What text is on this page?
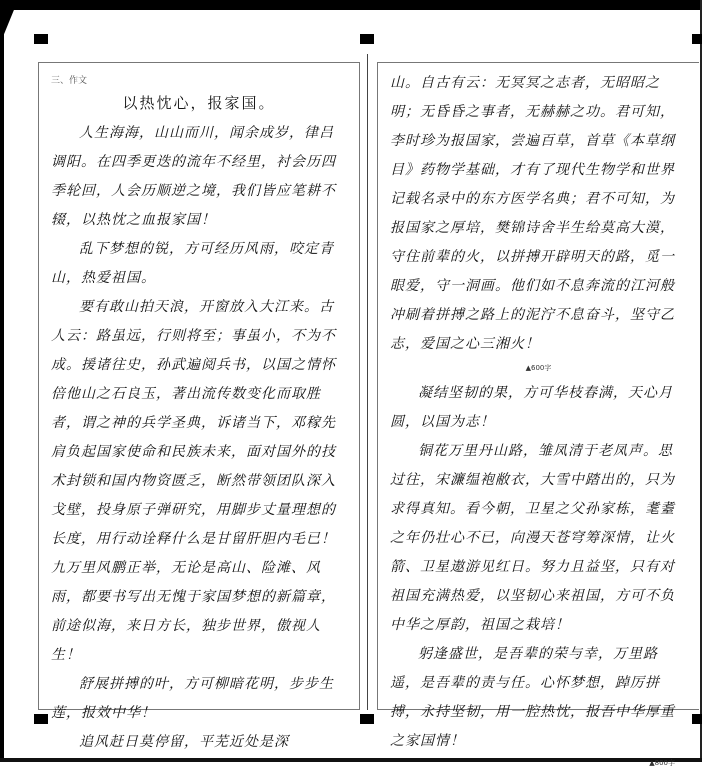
三、作文
以热忱心，报家国。

人生海海，山山而川，闻余成岁，律吕调阳。在四季更迭的流年不经里，衬会历四季轮回，人会历顺逆之境，我们皆应笔耕不辍，以热忱之血报家国！

乱下梦想的锐，方可经历风雨，咬定青山，热爱祖国。

要有敢山拍天浪，开窗放入大江来。古人云：路虽远，行则将至；事虽小，不为不成。援诸往史，孙武遍阅兵书，以国之情怀倍他山之石良玉，著出流传数变化而取胜者，谓之神的兵学圣典，诉诸当下，邓稼先肩负起国家使命和民族未来，面对国外的技术封锁和国内物资匮乏，断然带领团队深入戈壁，投身原子弹研究，用脚步丈量理想的长度，用行动诠释什么是甘留肝胆内毛已！九万里风鹏正举，无论是高山、险滩、风雨，都要书写出无愧于家国梦想的新篇章，前途似海，来日方长，独步世界，傲视人生！

舒展拼搏的叶，方可柳暗花明，步步生莲，报效中华！

追风赶日莫停留，平芜近处是深

山。自古有云：无冥冥之志者，无昭昭之明；无昏昏之事者，无赫赫之功。君可知，李时珍为报国家，尝遍百草，首草《本草纲目》药物学基础，才有了现代生物学和世界记载名录中的东方医学名典；君不可知，为报国家之厚培，樊锦诗舍半生给莫高大漠，守住前辈的火，以拼搏开辟明天的路，觅一眼爱，守一洞画。他们如不息奔流的江河般冲刷着拼搏之路上的泥泞不息奋斗，坚守乙志，爱国之心三湘火！

▲600字

凝结坚韧的果，方可华枝春满，天心月圆，以国为志！

铜花万里丹山路，雏凤清于老凤声。思过往，宋濂缊袍敝衣，大雪中踏出的，只为求得真知。看今朝，卫星之父孙家栋，耄耋之年仍壮心不已，向漫天苍穹筹深情，让火箭、卫星遨游见红日。努力且益坚，只有对祖国充满热爱，以坚韧心来祖国，方可不负中华之厚韵，祖国之栽培！

躬逢盛世，是吾辈的荣与幸，万里路遥，是吾辈的责与任。心怀梦想，踔厉拼搏，永持坚韧，用一腔热忱，报吾中华厚重之家国情！

▲800字
